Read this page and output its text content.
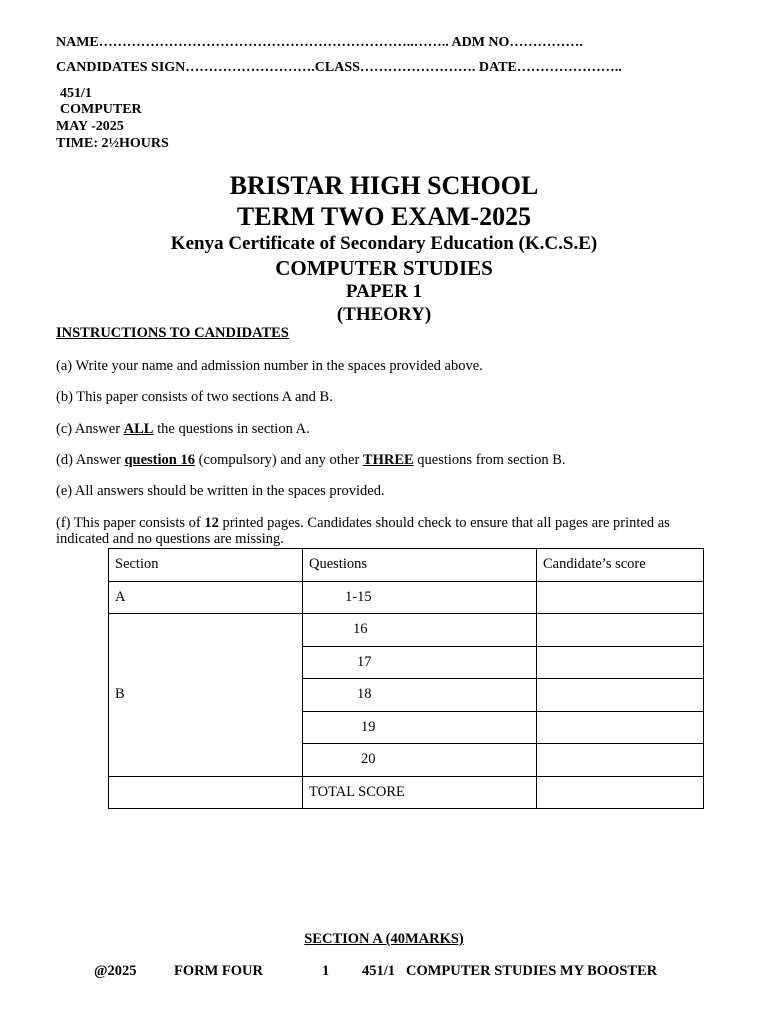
NAME…………………………………………………………..…….. ADM NO…………….
CANDIDATES SIGN……………………….CLASS……………………. DATE…………………..
451/1
COMPUTER
MAY -2025
TIME: 2½HOURS
BRISTAR HIGH SCHOOL
TERM TWO EXAM-2025
Kenya Certificate of Secondary Education (K.C.S.E)
COMPUTER STUDIES
PAPER 1
(THEORY)
INSTRUCTIONS TO CANDIDATES
(a) Write your name and admission number in the spaces provided above.
(b) This paper consists of two sections A and B.
(c) Answer ALL the questions in section A.
(d) Answer question 16 (compulsory) and any other THREE questions from section B.
(e) All answers should be written in the spaces provided.
(f) This paper consists of 12 printed pages. Candidates should check to ensure that all pages are printed as
indicated and no questions are missing.
Section	Questions	Candidate’s score
A	1-15	
B	16	
	17	
	18	
	19	
	20	
	TOTAL SCORE	
SECTION A (40MARKS)
@2025	FORM FOUR	1 451/1 COMPUTER STUDIES MY BOOSTER
